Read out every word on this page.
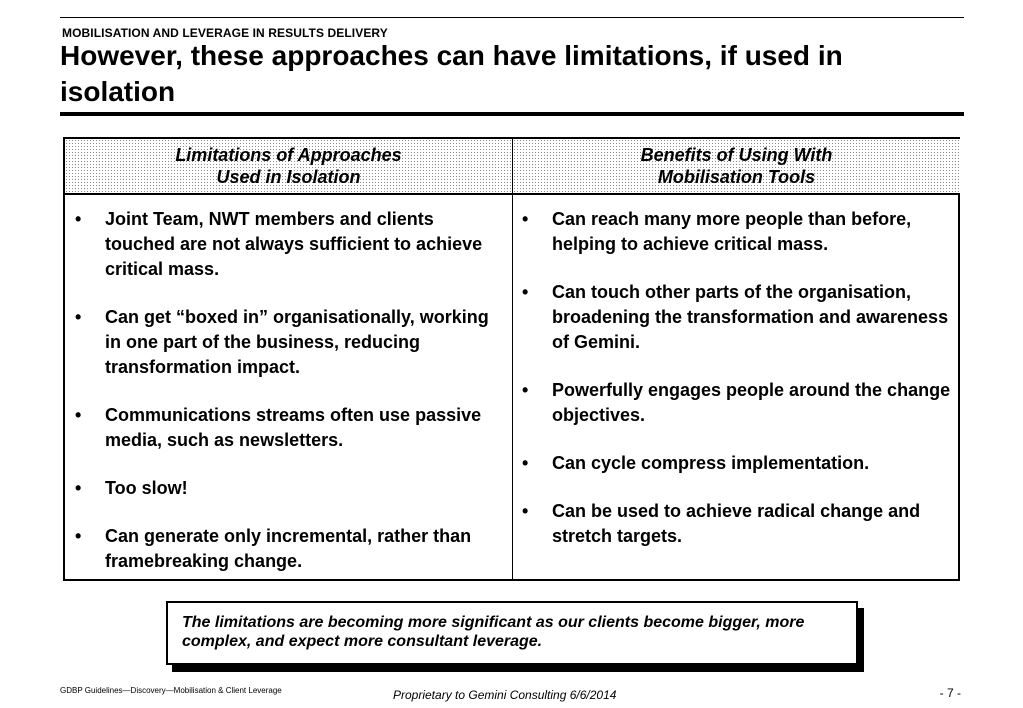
MOBILISATION AND LEVERAGE IN RESULTS DELIVERY
However, these approaches can have limitations, if used in isolation
Limitations of Approaches
Used in Isolation
Benefits of Using With
Mobilisation Tools
• Joint Team, NWT members and clients touched are not always sufficient to achieve critical mass.
• Can get “boxed in” organisationally, working in one part of the business, reducing transformation impact.
• Communications streams often use passive media, such as newsletters.
• Too slow!
• Can generate only incremental, rather than framebreaking change.
• Can reach many more people than before, helping to achieve critical mass.
• Can touch other parts of the organisation, broadening the transformation and awareness of Gemini.
• Powerfully engages people around the change objectives.
• Can cycle compress implementation.
• Can be used to achieve radical change and stretch targets.
The limitations are becoming more significant as our clients become bigger, more complex, and expect more consultant leverage.
GDBP Guidelines—Discovery—Mobilisation & Client Leverage	Proprietary to Gemini Consulting 6/6/2014	- 7 -
